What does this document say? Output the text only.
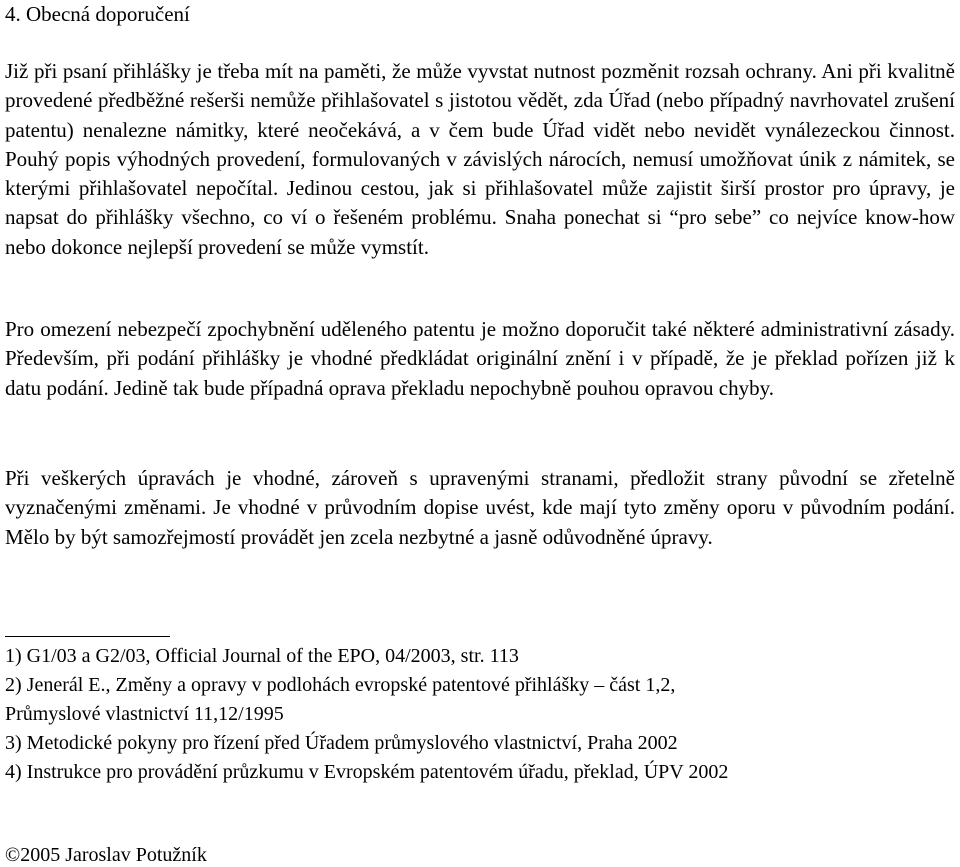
4. Obecná doporučení

Již při psaní přihlášky je třeba mít na paměti, že může vyvstat nutnost pozměnit rozsah ochrany. Ani při kvalitně provedené předběžné rešerši nemůže přihlašovatel s jistotou vědět, zda Úřad (nebo případný navrhovatel zrušení patentu) nenalezne námitky, které neočekává, a v čem bude Úřad vidět nebo nevidět vynálezeckou činnost. Pouhý popis výhodných provedení, formulovaných v závislých nárocích, nemusí umožňovat únik z námitek, se kterými přihlašovatel nepočítal. Jedinou cestou, jak si přihlašovatel může zajistit širší prostor pro úpravy, je napsat do přihlášky všechno, co ví o řešeném problému. Snaha ponechat si “pro sebe” co nejvíce know-how nebo dokonce nejlepší provedení se může vymstít.

Pro omezení nebezpečí zpochybnění uděleného patentu je možno doporučit také některé administrativní zásady. Především, při podání přihlášky je vhodné předkládat originální znění i v případě, že je překlad pořízen již k datu podání. Jedině tak bude případná oprava překladu nepochybně pouhou opravou chyby.

Při veškerých úpravách je vhodné, zároveň s upravenými stranami, předložit strany původní se zřetelně vyznačenými změnami. Je vhodné v průvodním dopise uvést, kde mají tyto změny oporu v původním podání. Mělo by být samozřejmostí provádět jen zcela nezbytné a jasně odůvodněné úpravy.

1) G1/03 a G2/03, Official Journal of the EPO, 04/2003, str. 113

2) Jenerál E., Změny a opravy v podlohách evropské patentové přihlášky – část 1,2,

Průmyslové vlastnictví 11,12/1995

3) Metodické pokyny pro řízení před Úřadem průmyslového vlastnictví, Praha 2002

4) Instrukce pro provádění průzkumu v Evropském patentovém úřadu, překlad, ÚPV 2002

©2005 Jaroslav Potužník
